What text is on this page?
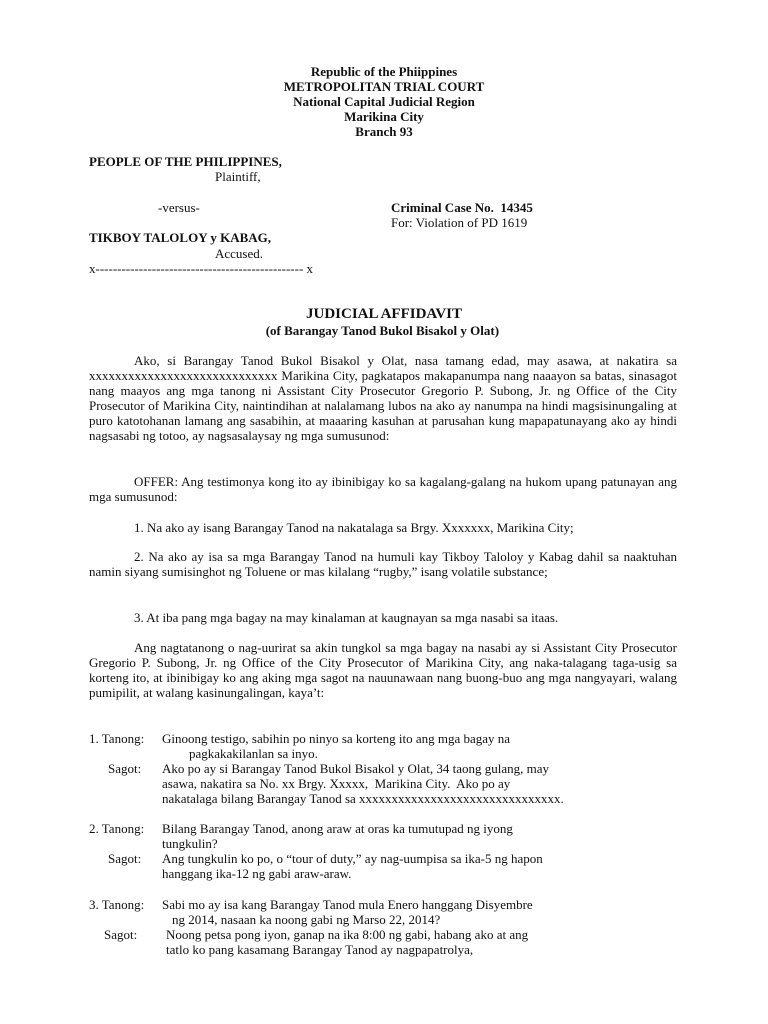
Republic of the Phiippines
METROPOLITAN TRIAL COURT
National Capital Judicial Region
Marikina City
Branch 93
PEOPLE OF THE PHILIPPINES,
Plaintiff,
-versus-	Criminal Case No.  14345
For: Violation of PD 1619
TIKBOY TALOLOY y KABAG,
Accused.
x------------------------------------------------ x
JUDICIAL AFFIDAVIT
(of Barangay Tanod Bukol Bisakol y Olat)
Ako, si Barangay Tanod Bukol Bisakol y Olat, nasa tamang edad, may asawa, at nakatira sa xxxxxxxxxxxxxxxxxxxxxxxxxxxxx Marikina City, pagkatapos makapanumpa nang naaayon sa batas, sinasagot nang maayos ang mga tanong ni Assistant City Prosecutor Gregorio P. Subong, Jr. ng Office of the City Prosecutor of Marikina City, naintindihan at nalalamang lubos na ako ay nanumpa na hindi magsisinungaling at puro katotohanan lamang ang sasabihin, at maaaring kasuhan at parusahan kung mapapatunayang ako ay hindi nagsasabi ng totoo, ay nagsasalaysay ng mga sumusunod:
OFFER: Ang testimonya kong ito ay ibinibigay ko sa kagalang-galang na hukom upang patunayan ang mga sumusunod:
1. Na ako ay isang Barangay Tanod na nakatalaga sa Brgy. Xxxxxxx, Marikina City;
2. Na ako ay isa sa mga Barangay Tanod na humuli kay Tikboy Taloloy y Kabag dahil sa naaktuhan namin siyang sumisinghot ng Toluene or mas kilalang “rugby,” isang volatile substance;
3. At iba pang mga bagay na may kinalaman at kaugnayan sa mga nasabi sa itaas.
Ang nagtatanong o nag-uurirat sa akin tungkol sa mga bagay na nasabi ay si Assistant City Prosecutor Gregorio P. Subong, Jr. ng Office of the City Prosecutor of Marikina City, ang naka-talagang taga-usig sa korteng ito, at ibinibigay ko ang aking mga sagot na nauunawaan nang buong-buo ang mga nangyayari, walang pumipilit, at walang kasinungalingan, kaya’t:
1. Tanong: Ginoong testigo, sabihin po ninyo sa korteng ito ang mga bagay na
pagkakakilanlan sa inyo.
Sagot: Ako po ay si Barangay Tanod Bukol Bisakol y Olat, 34 taong gulang, may
asawa, nakatira sa No. xx Brgy. Xxxxx,  Marikina City.  Ako po ay
nakatalaga bilang Barangay Tanod sa xxxxxxxxxxxxxxxxxxxxxxxxxxxxxxx.
2. Tanong: Bilang Barangay Tanod, anong araw at oras ka tumutupad ng iyong
tungkulin?
Sagot: Ang tungkulin ko po, o “tour of duty,” ay nag-uumpisa sa ika-5 ng hapon
hanggang ika-12 ng gabi araw-araw.
3. Tanong: Sabi mo ay isa kang Barangay Tanod mula Enero hanggang Disyembre
ng 2014, nasaan ka noong gabi ng Marso 22, 2014?
Sagot: Noong petsa pong iyon, ganap na ika 8:00 ng gabi, habang ako at ang
tatlo ko pang kasamang Barangay Tanod ay nagpapatrolya,
